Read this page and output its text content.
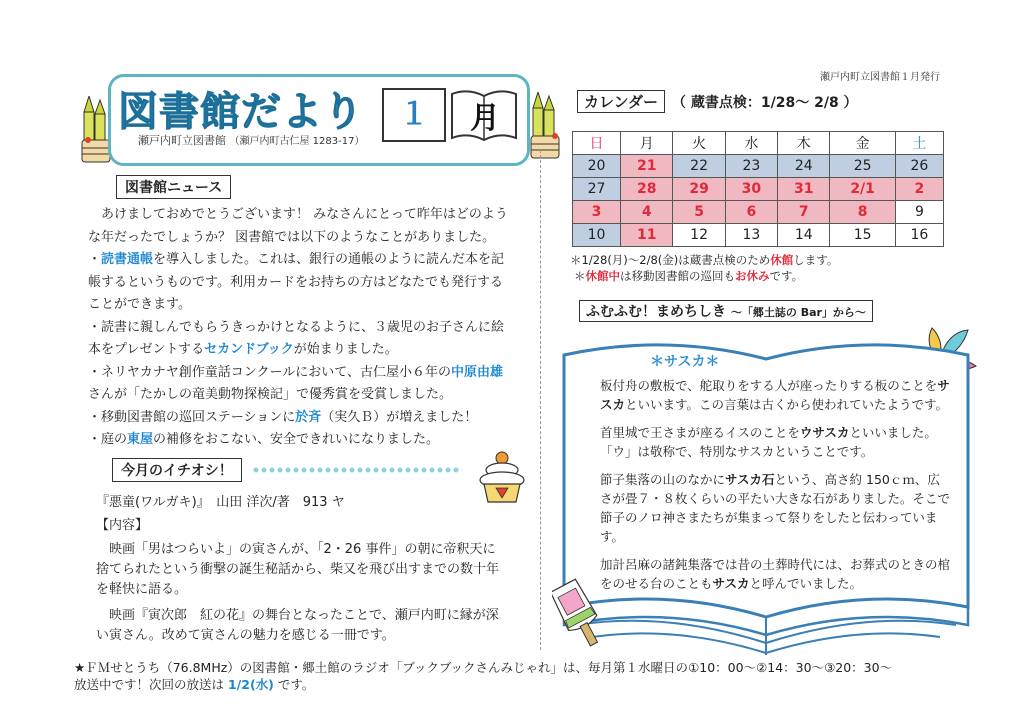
瀬戸内町立図書館１月発行
図書館だより
瀬戸内町立図書館 （瀬戸内町古仁屋 1283-17）
１	月
図書館ニュース

あけましておめでとうございます！ みなさんにとって昨年はどのような年だったでしょうか？ 図書館では以下のようなことがありました。

・読書通帳を導入しました。これは、銀行の通帳のように読んだ本を記帳するというものです。利用カードをお持ちの方はどなたでも発行することができます。

・読書に親しんでもらうきっかけとなるように、３歳児のお子さんに絵本をプレゼントするセカンドブックが始まりました。

・ネリヤカナヤ創作童話コンクールにおいて、古仁屋小６年の中原由雄さんが「たかしの竜美動物探検記」で優秀賞を受賞しました。

・移動図書館の巡回ステーションに於斉（実久Ｂ）が増えました！

・庭の東屋の補修をおこない、安全できれいになりました。

今月のイチオシ！
『悪童(ワルガキ)』　山田 洋次/著　913 ヤ
【内容】

映画「男はつらいよ」の寅さんが、「2・26 事件」の朝に帝釈天に捨てられたという衝撃の誕生秘話から、柴又を飛び出すまでの数十年を軽快に語る。

映画『寅次郎　紅の花』の舞台となったことで、瀬戸内町に縁が深い寅さん。改めて寅さんの魅力を感じる一冊です。

カレンダー （ 蔵書点検：1/28～ 2/8 ）
日	月	火	水	木	金	土
20	21	22	23	24	25	26
27	28	29	30	31	2/1	2
3	4	5	6	7	8	9
10	11	12	13	14	15	16
＊1/28(月)～2/8(金)は蔵書点検のため休館します。
＊休館中は移動図書館の巡回もお休みです。
ふむふむ！まめちしき ～「郷土誌の Bar」から～
＊サスカ＊

板付舟の敷板で、舵取りをする人が座ったりする板のことをサスカといいます。この言葉は古くから使われていたようです。

首里城で王さまが座るイスのことをウサスカといいました。「ウ」は敬称で、特別なサスカということです。

節子集落の山のなかにサスカ石という、高さ約 150ｃｍ、広さが畳７・８枚くらいの平たい大きな石がありました。そこで節子のノロ神さまたちが集まって祭りをしたと伝わっています。

加計呂麻の諸鈍集落では昔の土葬時代には、お葬式のときの棺をのせる台のこともサスカと呼んでいました。

★ＦＭせとうち（76.8MHz）の図書館・郷土館のラジオ「ブックブックさんみじゃれ」は、毎月第１水曜日の①10：00～②14：30～③20：30～
放送中です！次回の放送は 1/2(水) です。
